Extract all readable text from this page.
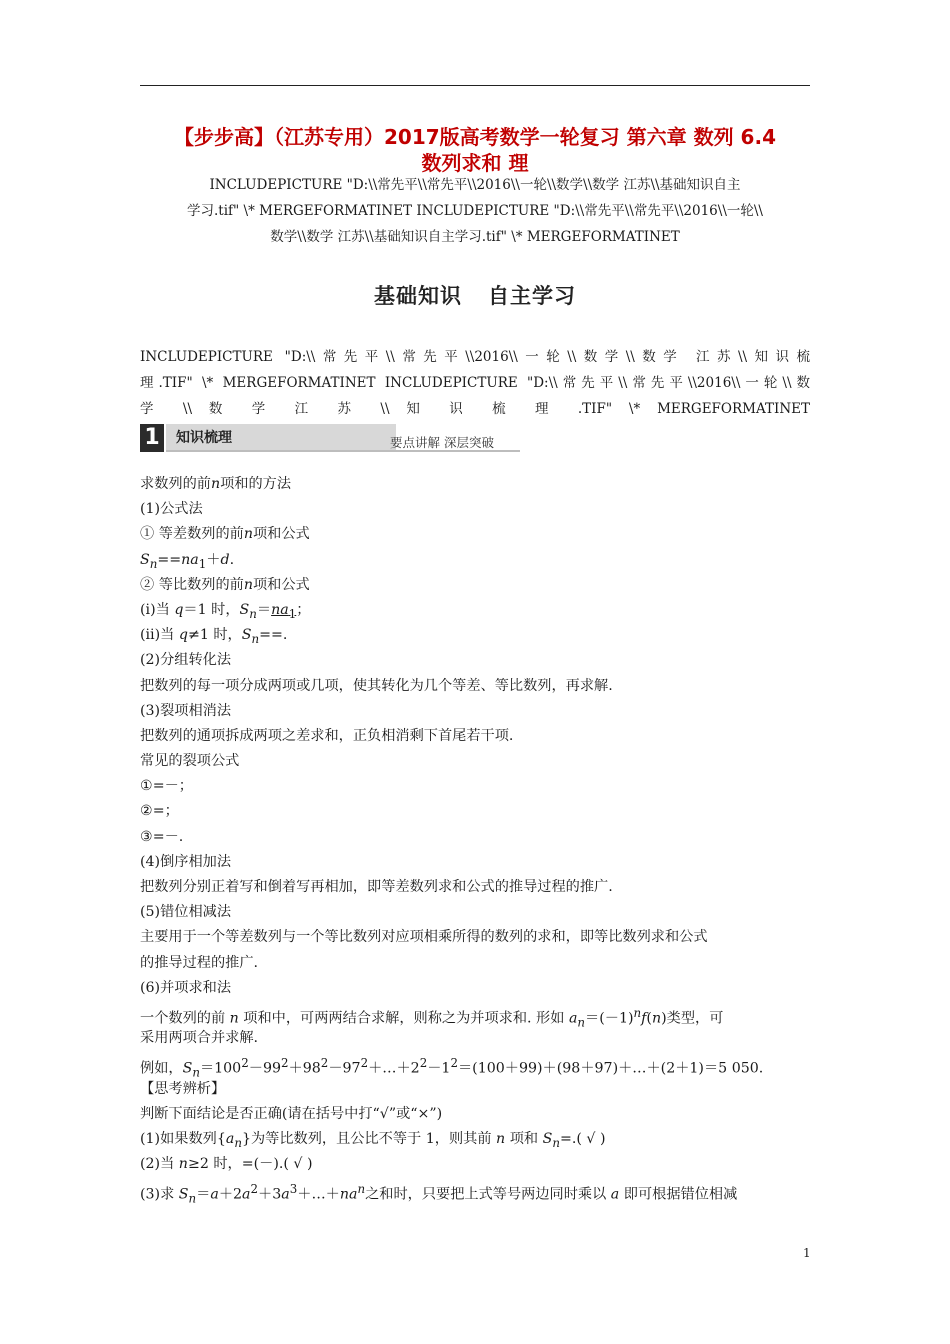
【步步高】（江苏专用）2017版高考数学一轮复习 第六章 数列 6.4
数列求和 理
INCLUDEPICTURE "D:\\常先平\\常先平\\2016\\一轮\\数学\\数学 江苏\\基础知识自主
学习.tif" \* MERGEFORMATINET INCLUDEPICTURE "D:\\常先平\\常先平\\2016\\一轮\\
数学\\数学 江苏\\基础知识自主学习.tif" \* MERGEFORMATINET
基础知识 自主学习
INCLUDEPICTURE "D:\\常先平\\常先平\\2016\\一轮\\数学\\数学 江苏\\知识梳
理.TIF" \* MERGEFORMATINET INCLUDEPICTURE "D:\\常先平\\常先平\\2016\\一轮\\数
学 \\ 数 学 江 苏 \\ 知 识 梳 理 .TIF" \* MERGEFORMATINET
1	知识梳理	要点讲解 深层突破
求数列的前n项和的方法
(1)公式法
① 等差数列的前n项和公式
$S_n==na_1+d$.
② 等比数列的前n项和公式
(ⅰ)当 q＝1 时，$S_n=na_1$；
(ⅱ)当 q≠1 时，$S_n==$.
(2)分组转化法
把数列的每一项分成两项或几项，使其转化为几个等差、等比数列，再求解.
(3)裂项相消法
把数列的通项拆成两项之差求和，正负相消剩下首尾若干项.
常见的裂项公式
①=－；
②=；
③=－.
(4)倒序相加法
把数列分别正着写和倒着写再相加，即等差数列求和公式的推导过程的推广.
(5)错位相减法
主要用于一个等差数列与一个等比数列对应项相乘所得的数列的求和，即等比数列求和公式
的推导过程的推广.
(6)并项求和法
一个数列的前 n 项和中，可两两结合求解，则称之为并项求和. 形如 $a_n=(-1)^nf(n)$类型，可
采用两项合并求解.
例如，$S_n=100^2-99^2+98^2-97^2+\dots+2^2-1^2=(100+99)+(98+97)+\dots+(2+1)=5$ 050.
【思考辨析】
判断下面结论是否正确(请在括号中打“√”或“×”)
(1)如果数列$\{a_n\}$为等比数列，且公比不等于 1，则其前 n 项和 $S_n=$.( √ )
(2)当 n≥2 时，=(－).( √ )
(3)求 $S_n=a+2a^2+3a^3+\dots+na^n$之和时，只要把上式等号两边同时乘以 a 即可根据错位相减
1
